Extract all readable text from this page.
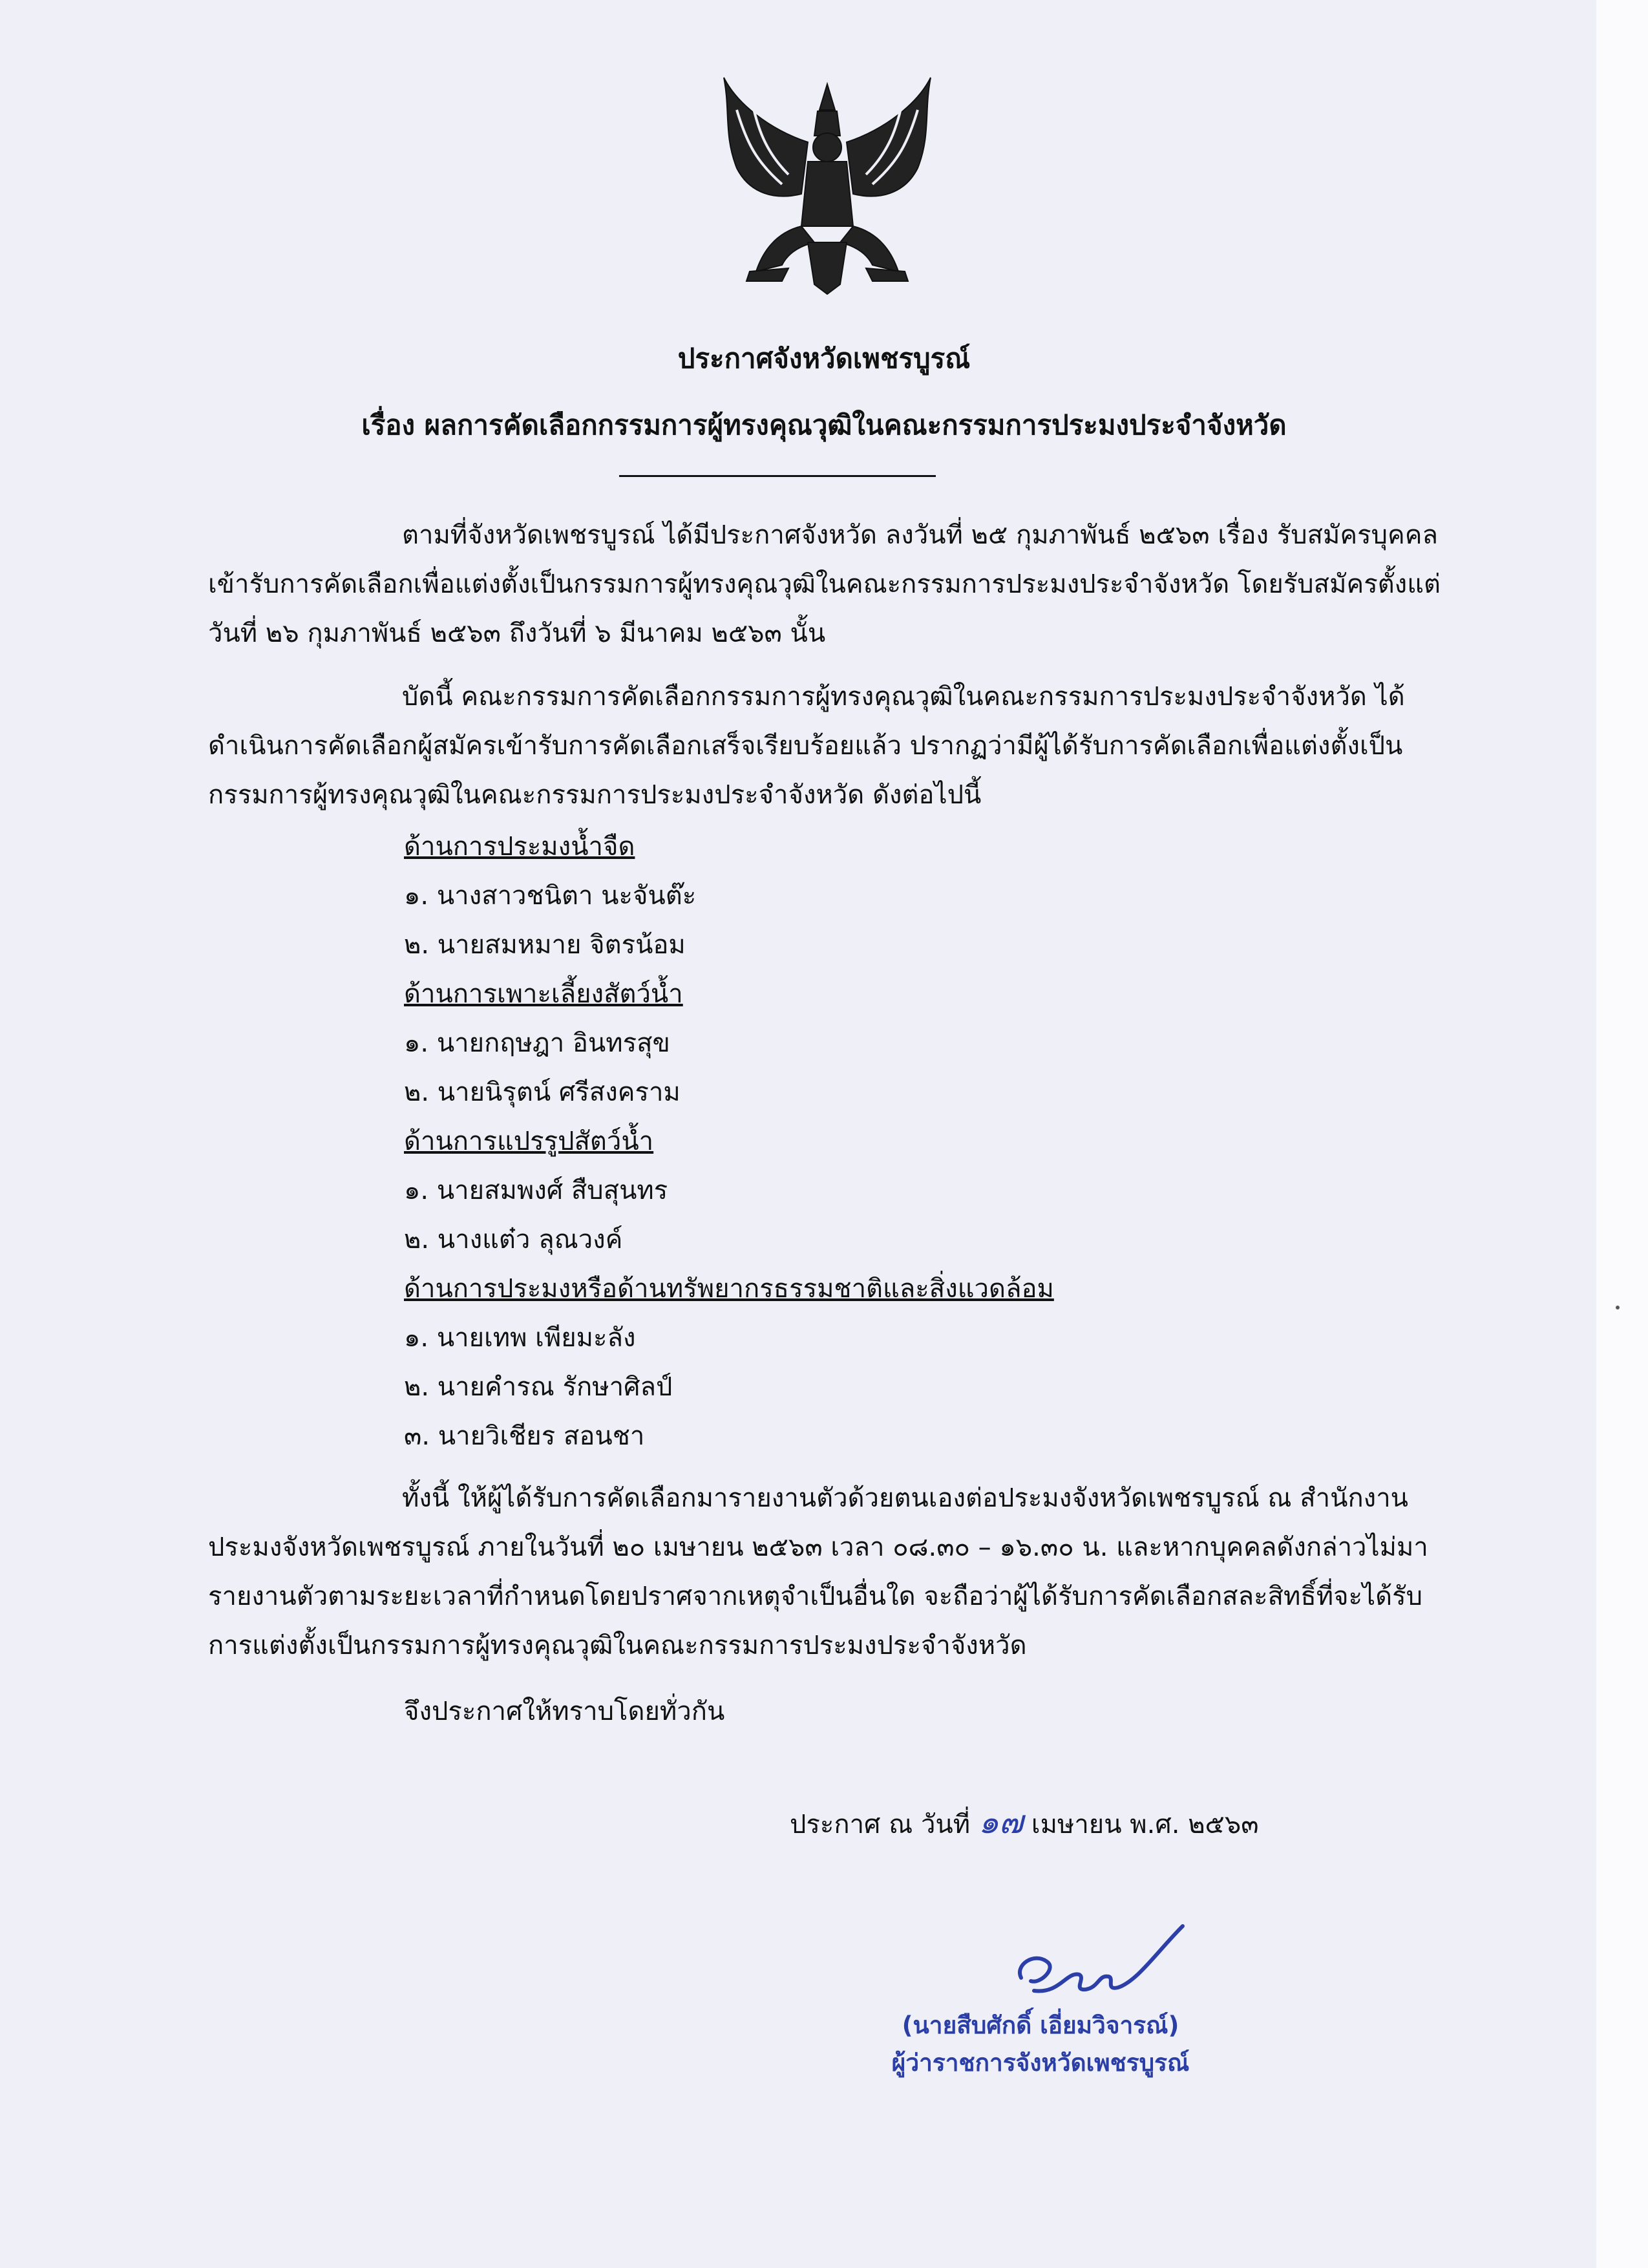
ประกาศจังหวัดเพชรบูรณ์
เรื่อง ผลการคัดเลือกกรรมการผู้ทรงคุณวุฒิในคณะกรรมการประมงประจำจังหวัด

ตามที่จังหวัดเพชรบูรณ์ ได้มีประกาศจังหวัด ลงวันที่ ๒๕ กุมภาพันธ์ ๒๕๖๓ เรื่อง รับสมัครบุคคลเข้ารับการคัดเลือกเพื่อแต่งตั้งเป็นกรรมการผู้ทรงคุณวุฒิในคณะกรรมการประมงประจำจังหวัด โดยรับสมัครตั้งแต่วันที่ ๒๖ กุมภาพันธ์ ๒๕๖๓ ถึงวันที่ ๖ มีนาคม ๒๕๖๓ นั้น

บัดนี้ คณะกรรมการคัดเลือกกรรมการผู้ทรงคุณวุฒิในคณะกรรมการประมงประจำจังหวัด ได้ดำเนินการคัดเลือกผู้สมัครเข้ารับการคัดเลือกเสร็จเรียบร้อยแล้ว ปรากฏว่ามีผู้ได้รับการคัดเลือกเพื่อแต่งตั้งเป็นกรรมการผู้ทรงคุณวุฒิในคณะกรรมการประมงประจำจังหวัด ดังต่อไปนี้

ด้านการประมงน้ำจืด
๑. นางสาวชนิตา นะจันต๊ะ
๒. นายสมหมาย จิตรน้อม
ด้านการเพาะเลี้ยงสัตว์น้ำ
๑. นายกฤษฎา อินทรสุข
๒. นายนิรุตน์ ศรีสงคราม
ด้านการแปรรูปสัตว์น้ำ
๑. นายสมพงศ์ สืบสุนทร
๒. นางแต๋ว ลุณวงค์
ด้านการประมงหรือด้านทรัพยากรธรรมชาติและสิ่งแวดล้อม
๑. นายเทพ เพียมะลัง
๒. นายคำรณ รักษาศิลป์
๓. นายวิเชียร สอนชา

ทั้งนี้ ให้ผู้ได้รับการคัดเลือกมารายงานตัวด้วยตนเองต่อประมงจังหวัดเพชรบูรณ์ ณ สำนักงานประมงจังหวัดเพชรบูรณ์ ภายในวันที่ ๒๐ เมษายน ๒๕๖๓ เวลา ๐๘.๓๐ – ๑๖.๓๐ น. และหากบุคคลดังกล่าวไม่มารายงานตัวตามระยะเวลาที่กำหนดโดยปราศจากเหตุจำเป็นอื่นใด จะถือว่าผู้ได้รับการคัดเลือกสละสิทธิ์ที่จะได้รับการแต่งตั้งเป็นกรรมการผู้ทรงคุณวุฒิในคณะกรรมการประมงประจำจังหวัด

จึงประกาศให้ทราบโดยทั่วกัน

ประกาศ ณ วันที่ ๑๗ เมษายน พ.ศ. ๒๕๖๓
(นายสืบศักดิ์ เอี่ยมวิจารณ์)
ผู้ว่าราชการจังหวัดเพชรบูรณ์
